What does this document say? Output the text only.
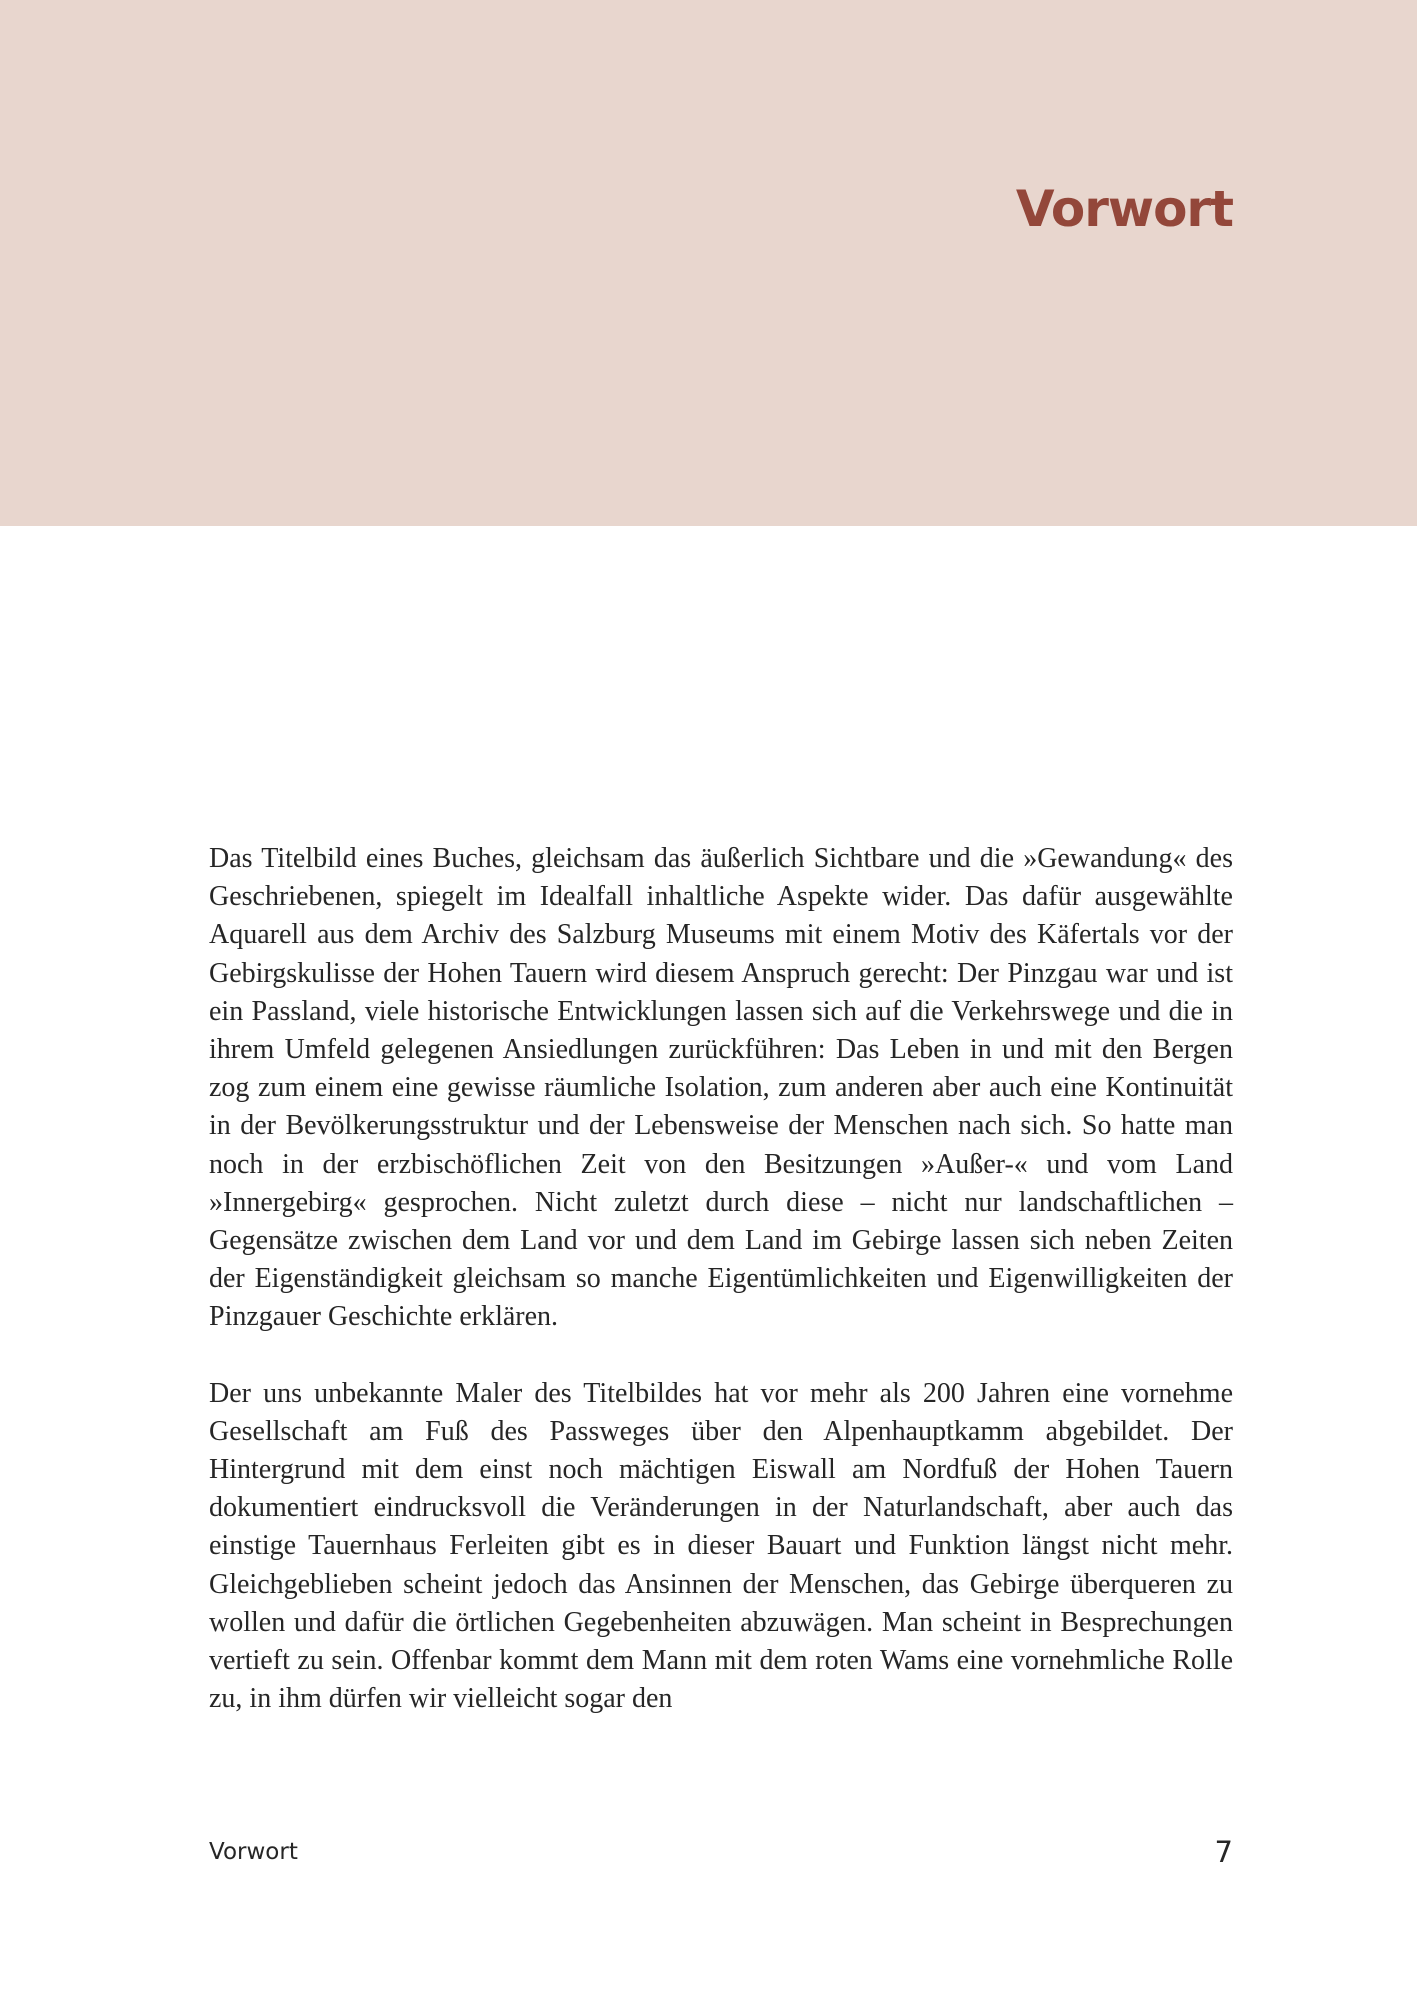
Vorwort

Das Titelbild eines Buches, gleichsam das äußerlich Sichtbare und die »Gewandung« des Geschriebenen, spiegelt im Idealfall inhaltliche Aspekte wider. Das dafür ausgewählte Aquarell aus dem Archiv des Salzburg Museums mit einem Motiv des Käfertals vor der Gebirgskulisse der Hohen Tauern wird diesem Anspruch gerecht: Der Pinzgau war und ist ein Passland, viele historische Entwicklungen lassen sich auf die Verkehrswege und die in ihrem Umfeld gelegenen Ansiedlungen zurückführen: Das Leben in und mit den Bergen zog zum einem eine gewisse räumliche Isolation, zum anderen aber auch eine Kontinuität in der Bevölkerungsstruktur und der Lebensweise der Menschen nach sich. So hatte man noch in der erzbischöflichen Zeit von den Besitzungen »Außer-« und vom Land »Innergebirg« gesprochen. Nicht zuletzt durch diese – nicht nur landschaftlichen – Gegensätze zwischen dem Land vor und dem Land im Gebirge lassen sich neben Zeiten der Eigenständigkeit gleichsam so manche Eigentümlichkeiten und Eigenwilligkeiten der Pinzgauer Geschichte erklären.

Der uns unbekannte Maler des Titelbildes hat vor mehr als 200 Jahren eine vornehme Gesellschaft am Fuß des Passweges über den Alpenhauptkamm abgebildet. Der Hintergrund mit dem einst noch mächtigen Eiswall am Nordfuß der Hohen Tauern dokumentiert eindrucksvoll die Veränderungen in der Naturlandschaft, aber auch das einstige Tauernhaus Ferleiten gibt es in dieser Bauart und Funktion längst nicht mehr. Gleichgeblieben scheint jedoch das Ansinnen der Menschen, das Gebirge überqueren zu wollen und dafür die örtlichen Gegebenheiten abzuwägen. Man scheint in Besprechungen vertieft zu sein. Offenbar kommt dem Mann mit dem roten Wams eine vornehmliche Rolle zu, in ihm dürfen wir vielleicht sogar den

Vorwort	7
